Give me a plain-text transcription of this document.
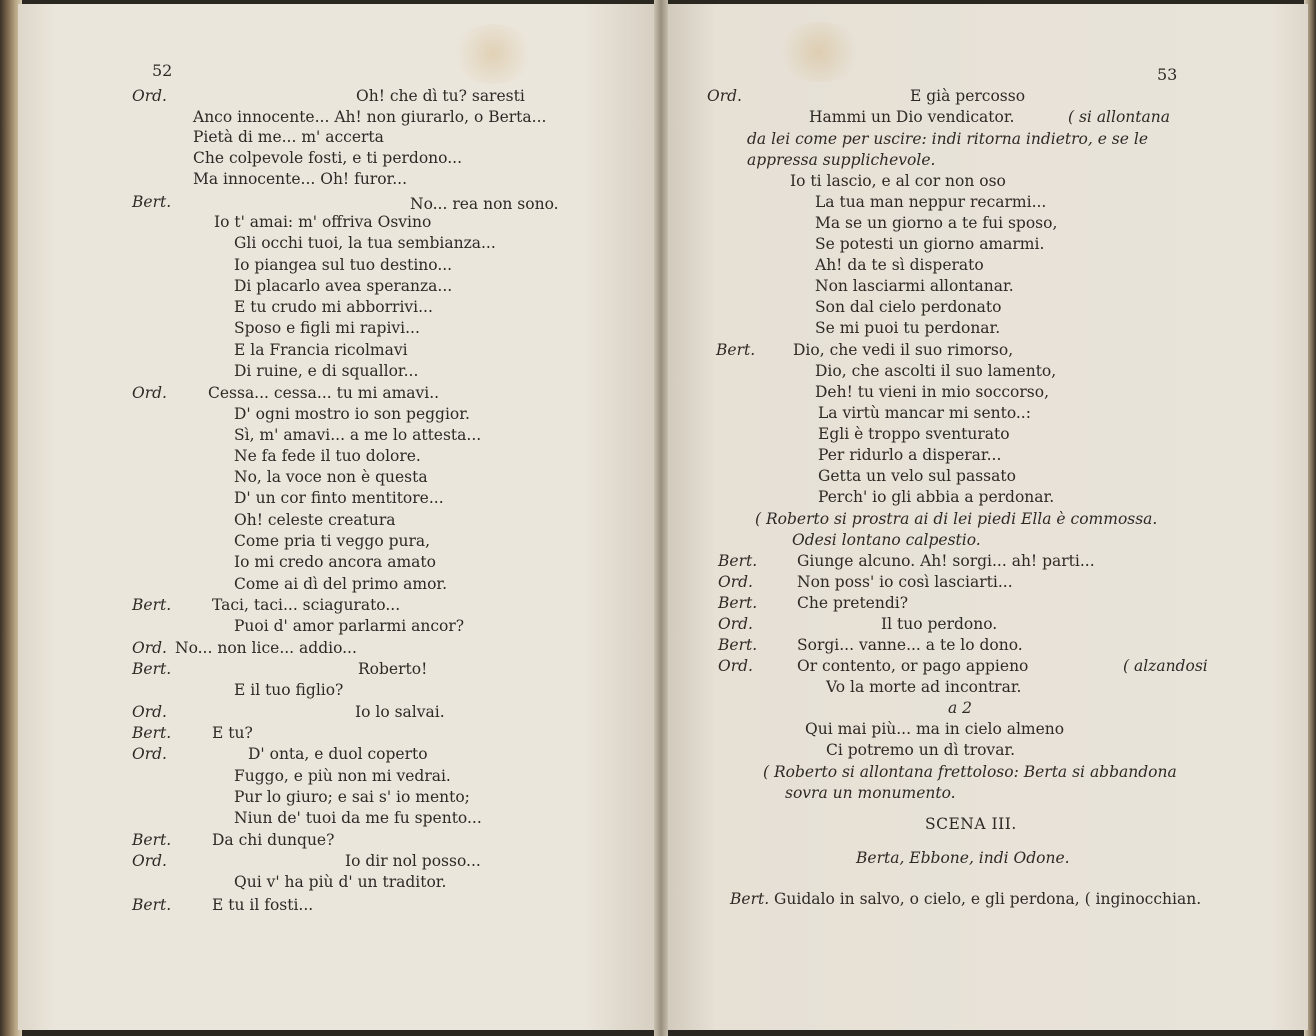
52	53
Ord.	Oh! che dì tu? saresti
Anco innocente... Ah! non giurarlo, o Berta...
Pietà di me... m' accerta
Che colpevole fosti, e ti perdono...
Ma innocente... Oh! furor...
Bert.	No... rea non sono.
Io t' amai: m' offriva Osvino
Gli occhi tuoi, la tua sembianza...
Io piangea sul tuo destino...
Di placarlo avea speranza...
E tu crudo mi abborrivi...
Sposo e figli mi rapivi...
E la Francia ricolmavi
Di ruine, e di squallor...
Ord.	Cessa... cessa... tu mi amavi..
D' ogni mostro io son peggior.
Sì, m' amavi... a me lo attesta...
Ne fa fede il tuo dolore.
No, la voce non è questa
D' un cor finto mentitore...
Oh! celeste creatura
Come pria ti veggo pura,
Io mi credo ancora amato
Come ai dì del primo amor.
Bert.	Taci, taci... sciagurato...
Puoi d' amor parlarmi ancor?
Ord. No... non lice... addio...
Bert.	Roberto!
E il tuo figlio?
Ord.	Io lo salvai.
Bert.	E tu?
Ord.	D' onta, e duol coperto
Fuggo, e più non mi vedrai.
Pur lo giuro; e sai s' io mento;
Niun de' tuoi da me fu spento...
Bert.	Da chi dunque?
Ord.	Io dir nol posso...
Qui v' ha più d' un traditor.
Bert.	E tu il fosti...
Ord.	E già percosso
Hammi un Dio vendicator.	( si allontana
da lei come per uscire: indi ritorna indietro, e se le
appressa supplichevole.
Io ti lascio, e al cor non oso
La tua man neppur recarmi...
Ma se un giorno a te fui sposo,
Se potesti un giorno amarmi.
Ah! da te sì disperato
Non lasciarmi allontanar.
Son dal cielo perdonato
Se mi puoi tu perdonar.
Bert. Dio, che vedi il suo rimorso,
Dio, che ascolti il suo lamento,
Deh! tu vieni in mio soccorso,
La virtù mancar mi sento..:
Egli è troppo sventurato
Per ridurlo a disperar...
Getta un velo sul passato
Perch' io gli abbia a perdonar.
( Roberto si prostra ai di lei piedi Ella è commossa.
Odesi lontano calpestio.
Bert.	Giunge alcuno. Ah! sorgi... ah! parti...
Ord.	Non poss' io così lasciarti...
Bert.	Che pretendi?
Ord.	Il tuo perdono.
Bert.	Sorgi... vanne... a te lo dono.
Ord.	Or contento, or pago appieno	( alzandosi
Vo la morte ad incontrar.
a 2
Qui mai più... ma in cielo almeno
Ci potremo un dì trovar.
( Roberto si allontana frettoloso: Berta si abbandona
sovra un monumento.
SCENA III.
Berta, Ebbone, indi Odone.
Bert. Guidalo in salvo, o cielo, e gli perdona, ( inginocchian.
